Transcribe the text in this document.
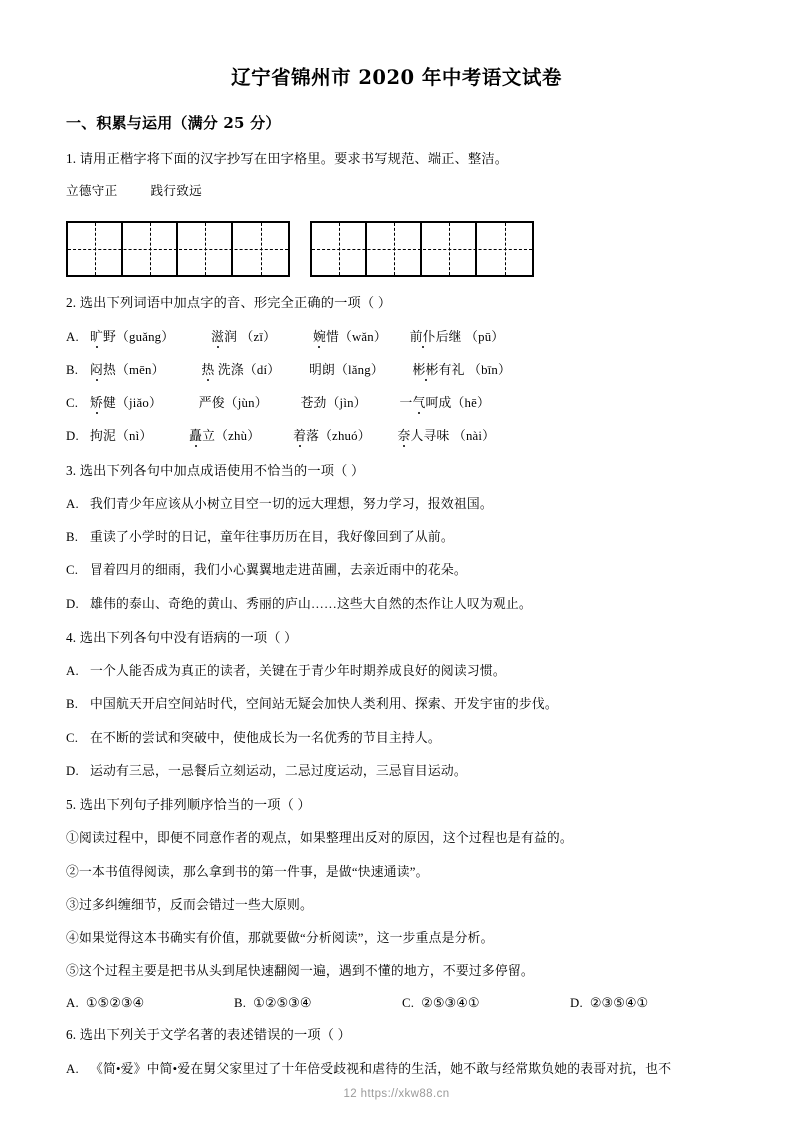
辽宁省锦州市 2020 年中考语文试卷
一、积累与运用（满分 25 分）
1. 请用正楷字将下面的汉字抄写在田字格里。要求书写规范、端正、整洁。
立德守正	践行致远
2. 选出下列词语中加点字的音、形完全正确的一项（ ）
A. 旷野（guǎng）	滋润 （zī）	婉惜（wǎn） 前仆后继 （pū）
B. 闷热（mēn）	热 洗涤（dí） 明朗（lǎng） 彬彬有礼 （bīn）
C. 矫健（jiǎo）	严俊（jùn）	苍劲（jìn）	一气呵成（hē）
D. 拘泥（nì）	矗立（zhù）	着落（zhuó） 奈人寻味 （nài）
3. 选出下列各句中加点成语使用不恰当的一项（ ）
A. 我们青少年应该从小树立目空一切的远大理想，努力学习，报效祖国。
B. 重读了小学时的日记，童年往事历历在目，我好像回到了从前。
C. 冒着四月的细雨，我们小心翼翼地走进苗圃，去亲近雨中的花朵。
D. 雄伟的泰山、奇绝的黄山、秀丽的庐山……这些大自然的杰作让人叹为观止。
4. 选出下列各句中没有语病的一项（ ）
A. 一个人能否成为真正的读者，关键在于青少年时期养成良好的阅读习惯。
B. 中国航天开启空间站时代，空间站无疑会加快人类利用、探索、开发宇宙的步伐。
C. 在不断的尝试和突破中，使他成长为一名优秀的节目主持人。
D. 运动有三忌，一忌餐后立刻运动，二忌过度运动，三忌盲目运动。
5. 选出下列句子排列顺序恰当的一项（ ）
①阅读过程中，即便不同意作者的观点，如果整理出反对的原因，这个过程也是有益的。
②一本书值得阅读，那么拿到书的第一件事，是做“快速通读”。
③过多纠缠细节，反而会错过一些大原则。
④如果觉得这本书确实有价值，那就要做“分析阅读”，这一步重点是分析。
⑤这个过程主要是把书从头到尾快速翻阅一遍，遇到不懂的地方，不要过多停留。
A. ①⑤②③④	B. ①②⑤③④	C. ②⑤③④①	D. ②③⑤④①
6. 选出下列关于文学名著的表述错误的一项（ ）
A. 《简•爱》中简•爱在舅父家里过了十年倍受歧视和虐待的生活，她不敢与经常欺负她的表哥对抗，也不
12 https://xkw88.cn
